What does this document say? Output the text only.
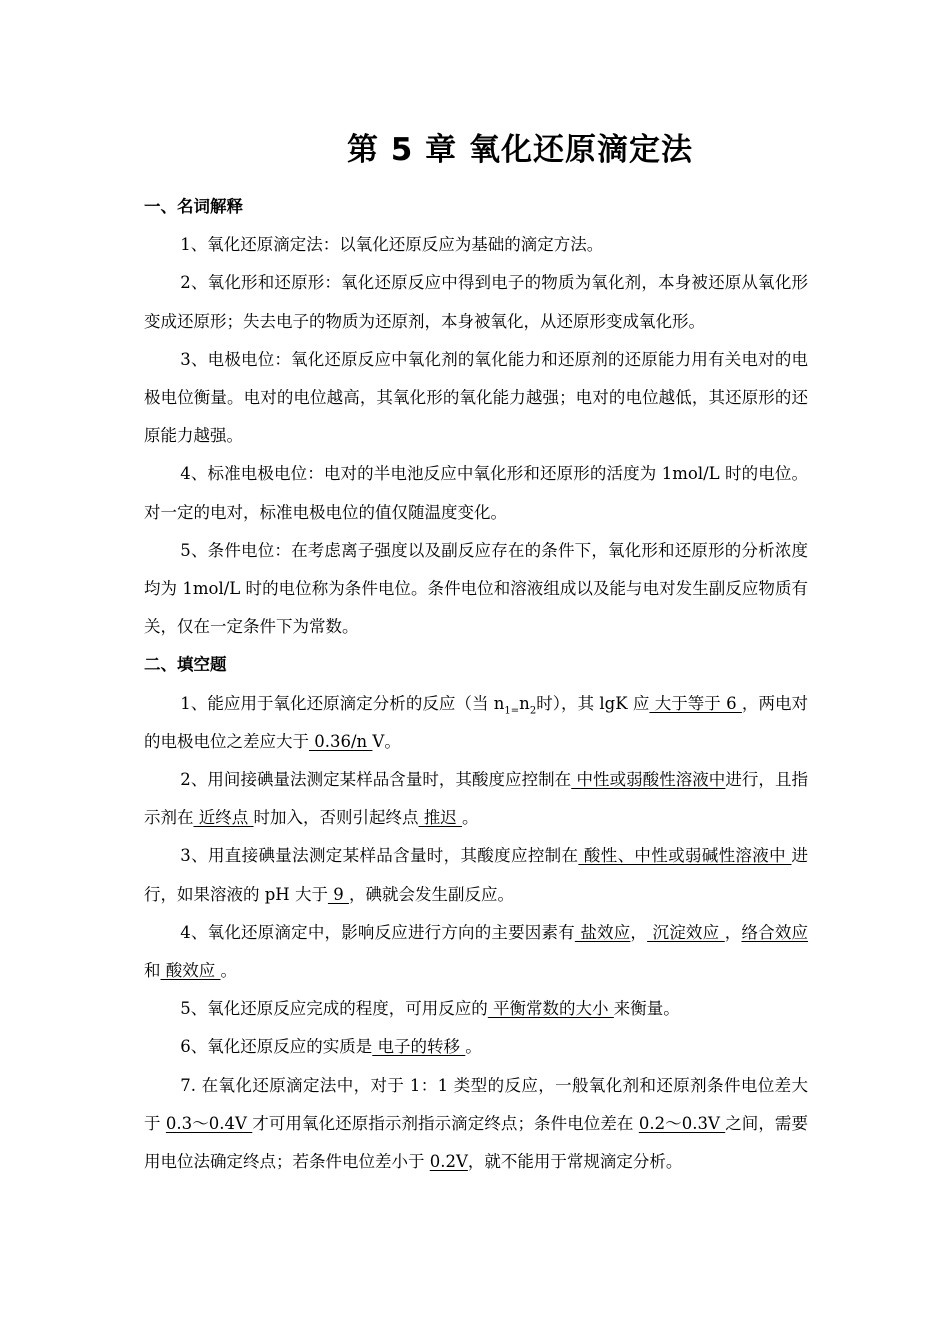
第 5 章 氧化还原滴定法

一、名词解释

1、氧化还原滴定法：以氧化还原反应为基础的滴定方法。

2、氧化形和还原形：氧化还原反应中得到电子的物质为氧化剂，本身被还原从氧化形变成还原形；失去电子的物质为还原剂，本身被氧化，从还原形变成氧化形。

3、电极电位：氧化还原反应中氧化剂的氧化能力和还原剂的还原能力用有关电对的电极电位衡量。电对的电位越高，其氧化形的氧化能力越强；电对的电位越低，其还原形的还原能力越强。

4、标准电极电位：电对的半电池反应中氧化形和还原形的活度为 1mol/L 时的电位。对一定的电对，标准电极电位的值仅随温度变化。

5、条件电位：在考虑离子强度以及副反应存在的条件下，氧化形和还原形的分析浓度均为 1mol/L 时的电位称为条件电位。条件电位和溶液组成以及能与电对发生副反应物质有关，仅在一定条件下为常数。

二、填空题

1、能应用于氧化还原滴定分析的反应（当 $n_{1=}n_2$时），其 lgK 应 大于等于 6 ，两电对的电极电位之差应大于 0.36/n V。

2、用间接碘量法测定某样品含量时，其酸度应控制在 中性或弱酸性溶液中进行，且指示剂在 近终点 时加入，否则引起终点 推迟 。

3、用直接碘量法测定某样品含量时，其酸度应控制在 酸性、中性或弱碱性溶液中 进行，如果溶液的 pH 大于 9 ，碘就会发生副反应。

4、氧化还原滴定中，影响反应进行方向的主要因素有 盐效应， 沉淀效应 ，络合效应 和 酸效应 。

5、氧化还原反应完成的程度，可用反应的 平衡常数的大小 来衡量。

6、氧化还原反应的实质是 电子的转移 。

7. 在氧化还原滴定法中，对于 1：1 类型的反应，一般氧化剂和还原剂条件电位差大于 0.3～0.4V 才可用氧化还原指示剂指示滴定终点；条件电位差在 0.2～0.3V 之间，需要用电位法确定终点；若条件电位差小于 0.2V，就不能用于常规滴定分析。
